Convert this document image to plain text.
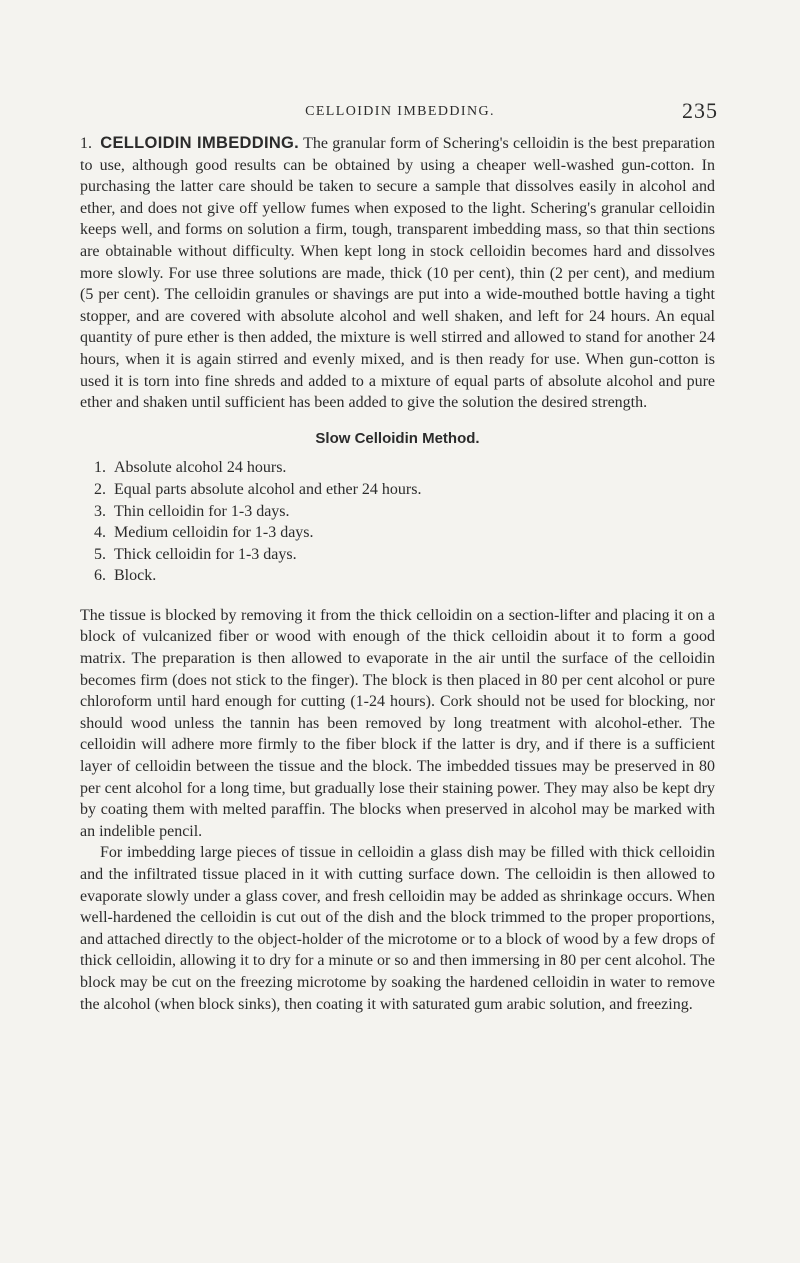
CELLOIDIN IMBEDDING.	235

1. CELLOIDIN IMBEDDING. The granular form of Schering's celloidin is the best preparation to use, although good results can be obtained by using a cheaper well-washed gun-cotton. In purchasing the latter care should be taken to secure a sample that dissolves easily in alcohol and ether, and does not give off yellow fumes when exposed to the light. Schering's granular celloidin keeps well, and forms on solution a firm, tough, transparent imbedding mass, so that thin sections are obtainable without difficulty. When kept long in stock celloidin becomes hard and dissolves more slowly. For use three solutions are made, thick (10 per cent), thin (2 per cent), and medium (5 per cent). The celloidin granules or shavings are put into a wide-mouthed bottle having a tight stopper, and are covered with absolute alcohol and well shaken, and left for 24 hours. An equal quantity of pure ether is then added, the mixture is well stirred and allowed to stand for another 24 hours, when it is again stirred and evenly mixed, and is then ready for use. When gun-cotton is used it is torn into fine shreds and added to a mixture of equal parts of absolute alcohol and pure ether and shaken until sufficient has been added to give the solution the desired strength.

Slow Celloidin Method.
1. Absolute alcohol 24 hours.
2. Equal parts absolute alcohol and ether 24 hours.
3. Thin celloidin for 1-3 days.
4. Medium celloidin for 1-3 days.
5. Thick celloidin for 1-3 days.
6. Block.

The tissue is blocked by removing it from the thick celloidin on a section-lifter and placing it on a block of vulcanized fiber or wood with enough of the thick celloidin about it to form a good matrix. The preparation is then allowed to evaporate in the air until the surface of the celloidin becomes firm (does not stick to the finger). The block is then placed in 80 per cent alcohol or pure chloroform until hard enough for cutting (1-24 hours). Cork should not be used for blocking, nor should wood unless the tannin has been removed by long treatment with alcohol-ether. The celloidin will adhere more firmly to the fiber block if the latter is dry, and if there is a sufficient layer of celloidin between the tissue and the block. The imbedded tissues may be preserved in 80 per cent alcohol for a long time, but gradually lose their staining power. They may also be kept dry by coating them with melted paraffin. The blocks when preserved in alcohol may be marked with an indelible pencil.

For imbedding large pieces of tissue in celloidin a glass dish may be filled with thick celloidin and the infiltrated tissue placed in it with cutting surface down. The celloidin is then allowed to evaporate slowly under a glass cover, and fresh celloidin may be added as shrinkage occurs. When well-hardened the celloidin is cut out of the dish and the block trimmed to the proper proportions, and attached directly to the object-holder of the microtome or to a block of wood by a few drops of thick celloidin, allowing it to dry for a minute or so and then immersing in 80 per cent alcohol. The block may be cut on the freezing microtome by soaking the hardened celloidin in water to remove the alcohol (when block sinks), then coating it with saturated gum arabic solution, and freezing.
